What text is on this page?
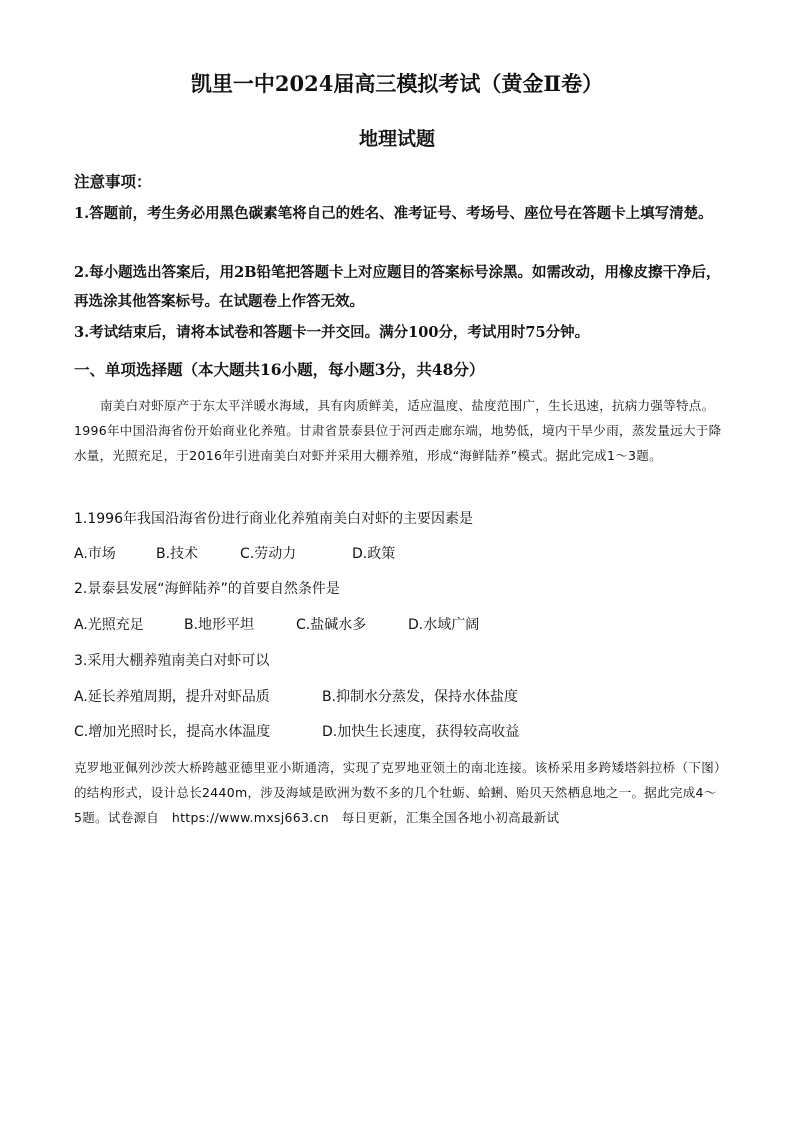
凯里一中2024届高三模拟考试（黄金Ⅱ卷）
地理试题
注意事项：
1.答题前，考生务必用黑色碳素笔将自己的姓名、准考证号、考场号、座位号在答题卡上填写清楚。
2.每小题选出答案后，用2B铅笔把答题卡上对应题目的答案标号涂黑。如需改动，用橡皮擦干净后，再选涂其他答案标号。在试题卷上作答无效。
3.考试结束后，请将本试卷和答题卡一并交回。满分100分，考试用时75分钟。
一、单项选择题（本大题共16小题，每小题3分，共48分）
南美白对虾原产于东太平洋暖水海域，具有肉质鲜美，适应温度、盐度范围广，生长迅速，抗病力强等特点。1996年中国沿海省份开始商业化养殖。甘肃省景泰县位于河西走廊东端，地势低，境内干旱少雨，蒸发量远大于降水量，光照充足，于2016年引进南美白对虾并采用大棚养殖，形成“海鲜陆养”模式。据此完成1～3题。
1.1996年我国沿海省份进行商业化养殖南美白对虾的主要因素是
A.市场	B.技术	C.劳动力	D.政策
2.景泰县发展“海鲜陆养”的首要自然条件是
A.光照充足	B.地形平坦	C.盐碱水多	D.水域广阔
3.采用大棚养殖南美白对虾可以
A.延长养殖周期，提升对虾品质	B.抑制水分蒸发，保持水体盐度
C.增加光照时长，提高水体温度	D.加快生长速度，获得较高收益
克罗地亚佩列沙茨大桥跨越亚德里亚小斯通湾，实现了克罗地亚领土的南北连接。该桥采用多跨矮塔斜拉桥（下图）的结构形式，设计总长2440m，涉及海域是欧洲为数不多的几个牡蛎、蛤蜊、贻贝天然栖息地之一。据此完成4～5题。试卷源自　https://www.mxsj663.cn　每日更新，汇集全国各地小初高最新试
